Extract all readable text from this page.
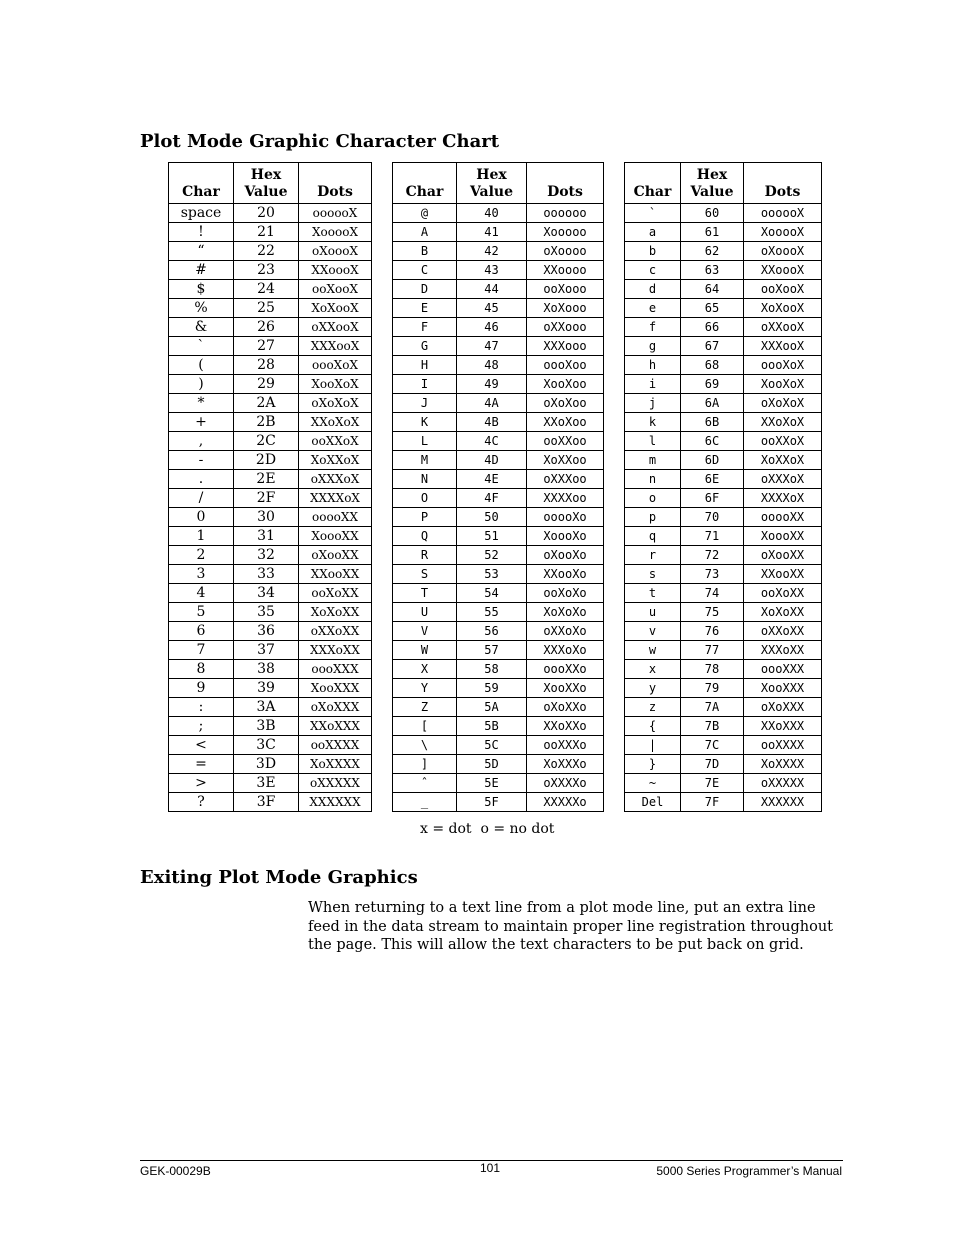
Plot Mode Graphic Character Chart
Char	Hex Value	Dots
space	20	oooooX
!	21	XooooX
“	22	oXoooX
#	23	XXoooX
$	24	ooXooX
%	25	XoXooX
&	26	oXXooX
`	27	XXXooX
(	28	oooXoX
)	29	XooXoX
*	2A	oXoXoX
+	2B	XXoXoX
,	2C	ooXXoX
-	2D	XoXXoX
.	2E	oXXXoX
/	2F	XXXXoX
0	30	ooooXX
1	31	XoooXX
2	32	oXooXX
3	33	XXooXX
4	34	ooXoXX
5	35	XoXoXX
6	36	oXXoXX
7	37	XXXoXX
8	38	oooXXX
9	39	XooXXX
:	3A	oXoXXX
;	3B	XXoXXX
<	3C	ooXXXX
=	3D	XoXXXX
>	3E	oXXXXX
?	3F	XXXXXX
Char	Hex Value	Dots
@	40	oooooo
A	41	Xooooo
B	42	oXoooo
C	43	XXoooo
D	44	ooXooo
E	45	XoXooo
F	46	oXXooo
G	47	XXXooo
H	48	oooXoo
I	49	XooXoo
J	4A	oXoXoo
K	4B	XXoXoo
L	4C	ooXXoo
M	4D	XoXXoo
N	4E	oXXXoo
O	4F	XXXXoo
P	50	ooooXo
Q	51	XoooXo
R	52	oXooXo
S	53	XXooXo
T	54	ooXoXo
U	55	XoXoXo
V	56	oXXoXo
W	57	XXXoXo
X	58	oooXXo
Y	59	XooXXo
Z	5A	oXoXXo
[	5B	XXoXXo
\	5C	ooXXXo
]	5D	XoXXXo
ˆ	5E	oXXXXo
_	5F	XXXXXo
Char	Hex Value	Dots
`	60	oooooX
a	61	XooooX
b	62	oXoooX
c	63	XXoooX
d	64	ooXooX
e	65	XoXooX
f	66	oXXooX
g	67	XXXooX
h	68	oooXoX
i	69	XooXoX
j	6A	oXoXoX
k	6B	XXoXoX
l	6C	ooXXoX
m	6D	XoXXoX
n	6E	oXXXoX
o	6F	XXXXoX
p	70	ooooXX
q	71	XoooXX
r	72	oXooXX
s	73	XXooXX
t	74	ooXoXX
u	75	XoXoXX
v	76	oXXoXX
w	77	XXXoXX
x	78	oooXXX
y	79	XooXXX
z	7A	oXoXXX
{	7B	XXoXXX
|	7C	ooXXXX
}	7D	XoXXXX
~	7E	oXXXXX
Del	7F	XXXXXX
x = dot  o = no dot
Exiting Plot Mode Graphics

When returning to a text line from a plot mode line, put an extra line feed in the data stream to maintain proper line registration throughout the page. This will allow the text characters to be put back on grid.

GEK-00029B	101	5000 Series Programmer’s Manual
